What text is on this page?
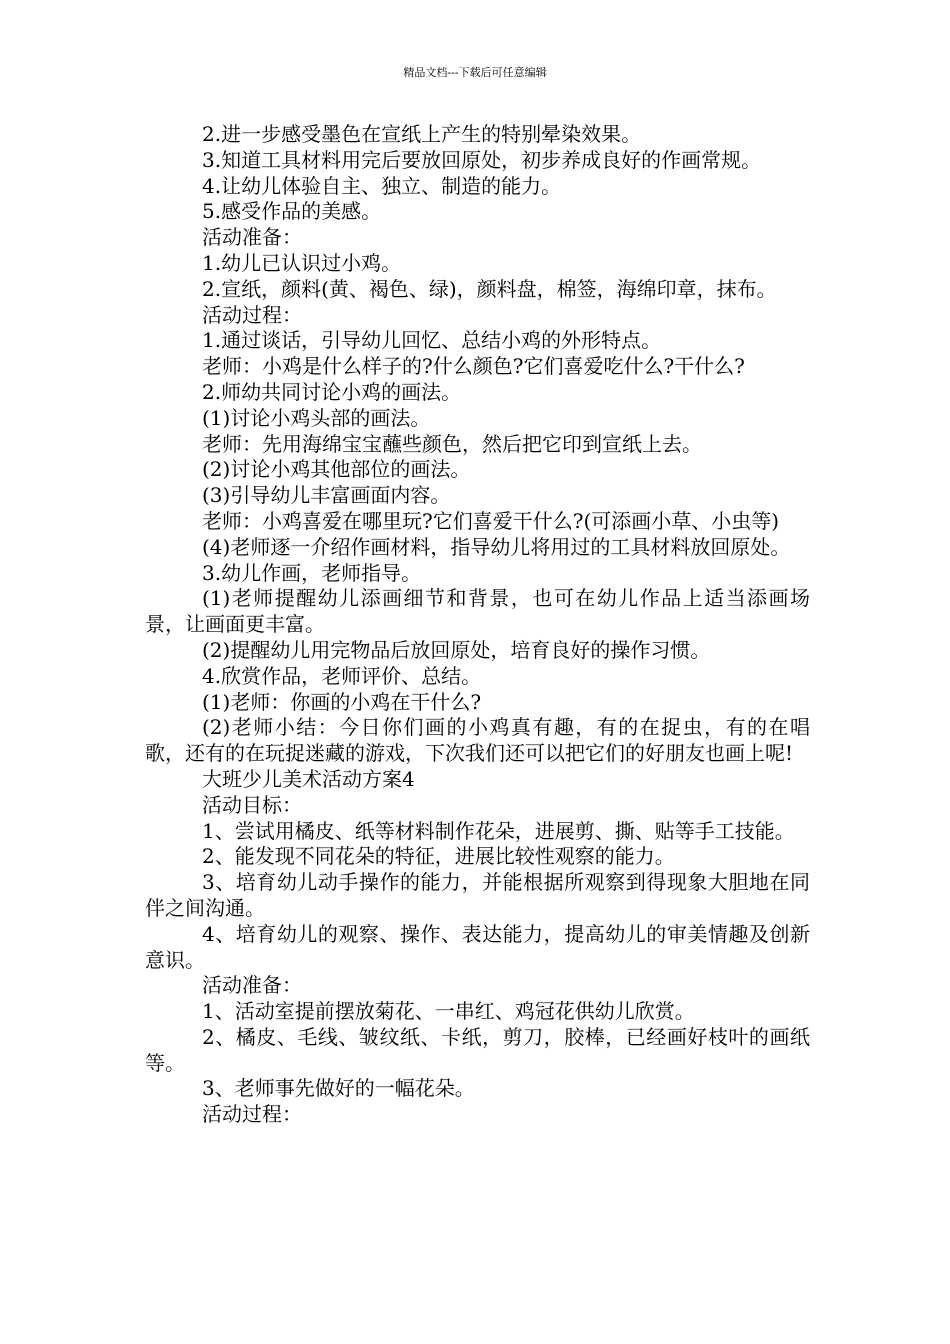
精品文档---下载后可任意编辑

2.进一步感受墨色在宣纸上产生的特别晕染效果。

3.知道工具材料用完后要放回原处，初步养成良好的作画常规。

4.让幼儿体验自主、独立、制造的能力。

5.感受作品的美感。

活动准备：

1.幼儿已认识过小鸡。

2.宣纸，颜料(黄、褐色、绿)，颜料盘，棉签，海绵印章，抹布。

活动过程：

1.通过谈话，引导幼儿回忆、总结小鸡的外形特点。

老师：小鸡是什么样子的?什么颜色?它们喜爱吃什么?干什么?

2.师幼共同讨论小鸡的画法。

(1)讨论小鸡头部的画法。

老师：先用海绵宝宝蘸些颜色，然后把它印到宣纸上去。

(2)讨论小鸡其他部位的画法。

(3)引导幼儿丰富画面内容。

老师：小鸡喜爱在哪里玩?它们喜爱干什么?(可添画小草、小虫等)

(4)老师逐一介绍作画材料，指导幼儿将用过的工具材料放回原处。

3.幼儿作画，老师指导。

(1)老师提醒幼儿添画细节和背景，也可在幼儿作品上适当添画场景，让画面更丰富。

(2)提醒幼儿用完物品后放回原处，培育良好的操作习惯。

4.欣赏作品，老师评价、总结。

(1)老师：你画的小鸡在干什么?

(2)老师小结：今日你们画的小鸡真有趣，有的在捉虫，有的在唱歌，还有的在玩捉迷藏的游戏，下次我们还可以把它们的好朋友也画上呢!

大班少儿美术活动方案4

活动目标：

1、尝试用橘皮、纸等材料制作花朵，进展剪、撕、贴等手工技能。

2、能发现不同花朵的特征，进展比较性观察的能力。

3、培育幼儿动手操作的能力，并能根据所观察到得现象大胆地在同伴之间沟通。

4、培育幼儿的观察、操作、表达能力，提高幼儿的审美情趣及创新意识。

活动准备：

1、活动室提前摆放菊花、一串红、鸡冠花供幼儿欣赏。

2、橘皮、毛线、皱纹纸、卡纸，剪刀，胶棒，已经画好枝叶的画纸等。

3、老师事先做好的一幅花朵。

活动过程：
